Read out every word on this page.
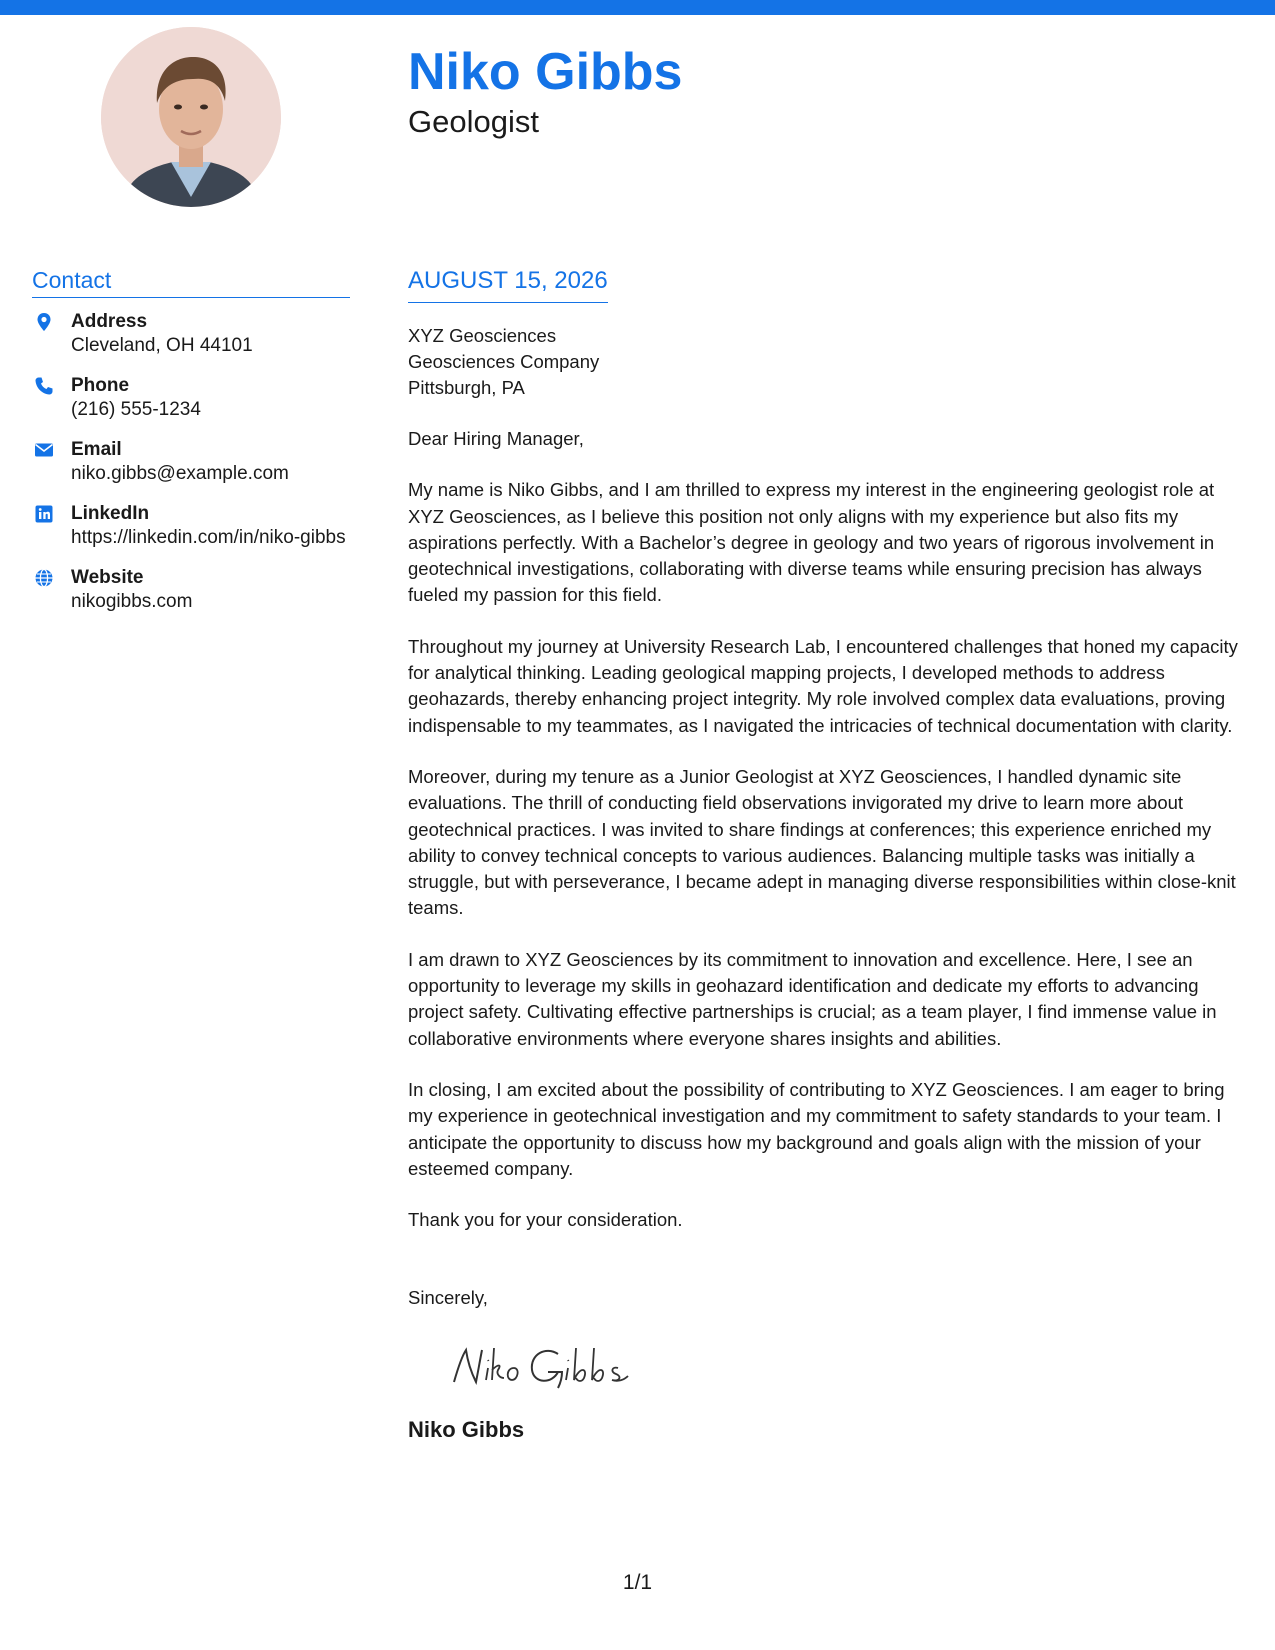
Niko Gibbs
Geologist
Contact
Address
Cleveland, OH 44101
Phone
(216) 555-1234
Email
niko.gibbs@example.com
LinkedIn
https://linkedin.com/in/niko-gibbs
Website
nikogibbs.com
AUGUST 15, 2026
XYZ Geosciences
Geosciences Company
Pittsburgh, PA

Dear Hiring Manager,

My name is Niko Gibbs, and I am thrilled to express my interest in the engineering geologist role at XYZ Geosciences, as I believe this position not only aligns with my experience but also fits my aspirations perfectly. With a Bachelor’s degree in geology and two years of rigorous involvement in geotechnical investigations, collaborating with diverse teams while ensuring precision has always fueled my passion for this field.

Throughout my journey at University Research Lab, I encountered challenges that honed my capacity for analytical thinking. Leading geological mapping projects, I developed methods to address geohazards, thereby enhancing project integrity. My role involved complex data evaluations, proving indispensable to my teammates, as I navigated the intricacies of technical documentation with clarity.

Moreover, during my tenure as a Junior Geologist at XYZ Geosciences, I handled dynamic site evaluations. The thrill of conducting field observations invigorated my drive to learn more about geotechnical practices. I was invited to share findings at conferences; this experience enriched my ability to convey technical concepts to various audiences. Balancing multiple tasks was initially a struggle, but with perseverance, I became adept in managing diverse responsibilities within close-knit teams.

I am drawn to XYZ Geosciences by its commitment to innovation and excellence. Here, I see an opportunity to leverage my skills in geohazard identification and dedicate my efforts to advancing project safety. Cultivating effective partnerships is crucial; as a team player, I find immense value in collaborative environments where everyone shares insights and abilities.

In closing, I am excited about the possibility of contributing to XYZ Geosciences. I am eager to bring my experience in geotechnical investigation and my commitment to safety standards to your team. I anticipate the opportunity to discuss how my background and goals align with the mission of your esteemed company.

Thank you for your consideration.

Sincerely,

Niko Gibbs
1/1
